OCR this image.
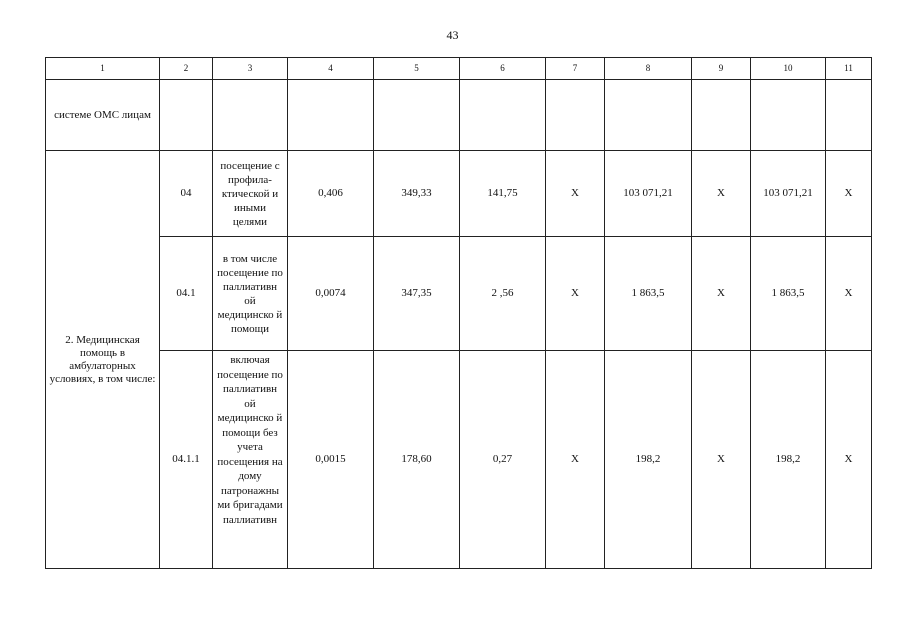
43
1	2	3	4	5	6	7	8	9	10	11
системе ОМС лицам										
2. Медицинская помощь в амбулаторных условиях, в том числе:	04	посещение с профила-ктической и иными целями	0,406	349,33	141,75	X	103 071,21	X	103 071,21	X
	04.1	в том числе посещение по паллиативн ой медицинско й помощи	0,0074	347,35	2 ,56	X	1 863,5	X	1 863,5	X
	04.1.1	включая посещение по паллиативн ой медицинско й помощи без учета посещения на дому патронажны ми бригадами паллиативн	0,0015	178,60	0,27	X	198,2	X	198,2	X
